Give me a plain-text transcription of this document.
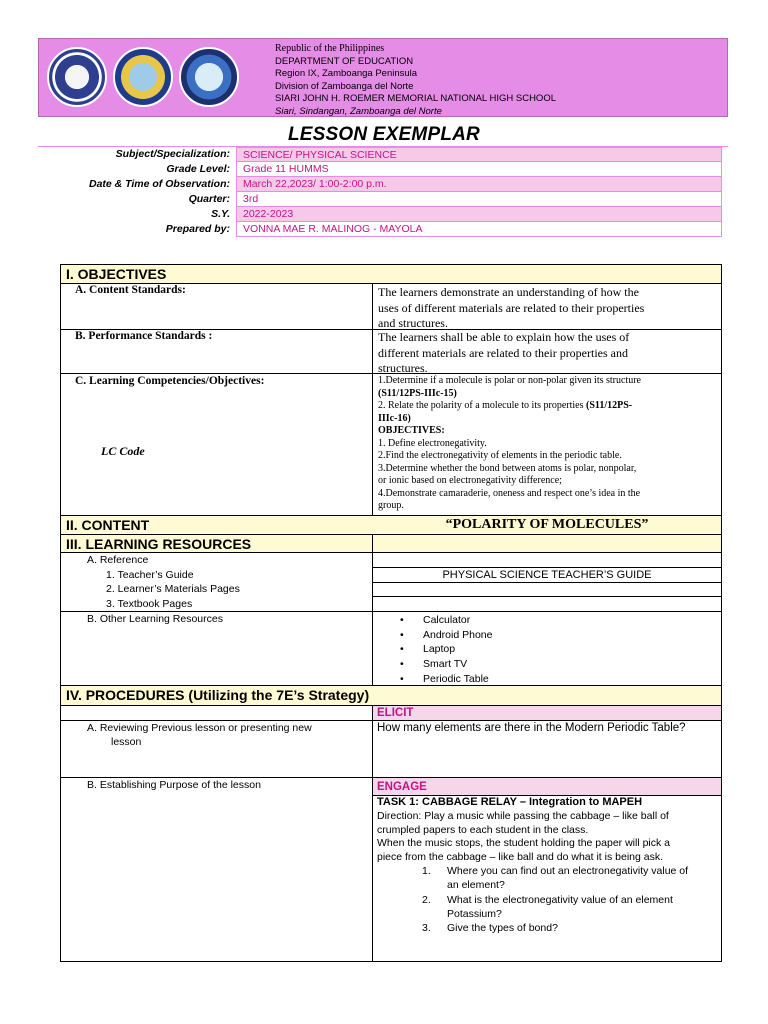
Republic of the Philippines
DEPARTMENT OF EDUCATION
Region IX, Zamboanga Peninsula
Division of Zamboanga del Norte
SIARI JOHN H. ROEMER MEMORIAL NATIONAL HIGH SCHOOL
Siari, Sindangan, Zamboanga del Norte
LESSON EXEMPLAR
Subject/Specialization:
Grade Level:
Date & Time of Observation:
Quarter:
S.Y.
Prepared by:
SCIENCE/ PHYSICAL SCIENCE
Grade 11 HUMMS
March 22,2023/ 1:00-2:00 p.m.
3rd
2022-2023
VONNA MAE R. MALINOG - MAYOLA
I. OBJECTIVES
A. Content Standards:	The learners demonstrate an understanding of how the
uses of different materials are related to their properties
and structures.
B. Performance Standards :	The learners shall be able to explain how the uses of
different materials are related to their properties and
structures.
C. Learning Competencies/Objectives:
LC Code
1.Determine if a molecule is polar or non-polar given its structure
(S11/12PS-IIIc-15)
2. Relate the polarity of a molecule to its properties (S11/12PS-
IIIc-16)
OBJECTIVES:
1. Define electronegativity.
2.Find the electronegativity of elements in the periodic table.
3.Determine whether the bond between atoms is polar, nonpolar,
or ionic based on electronegativity difference;
4.Demonstrate camaraderie, oneness and respect one’s idea in the
group.
II. CONTENT	“POLARITY OF MOLECULES”
III. LEARNING RESOURCES
A. Reference
1. Teacher’s Guide	PHYSICAL SCIENCE TEACHER’S GUIDE
2. Learner’s Materials Pages
3. Textbook Pages
B. Other Learning Resources
•	Calculator
• Android Phone
• Laptop
• Smart TV
• Periodic Table
IV. PROCEDURES (Utilizing the 7E’s Strategy)
ELICIT
A. Reviewing Previous lesson or presenting new
lesson
How many elements are there in the Modern Periodic Table?
B. Establishing Purpose of the lesson	ENGAGE
TASK 1: CABBAGE RELAY – Integration to MAPEH
Direction: Play a music while passing the cabbage – like ball of
crumpled papers to each student in the class.
When the music stops, the student holding the paper will pick a
piece from the cabbage – like ball and do what it is being ask.
1. Where you can find out an electronegativity value of
an element?
2. What is the electronegativity value of an element
Potassium?
3. Give the types of bond?
